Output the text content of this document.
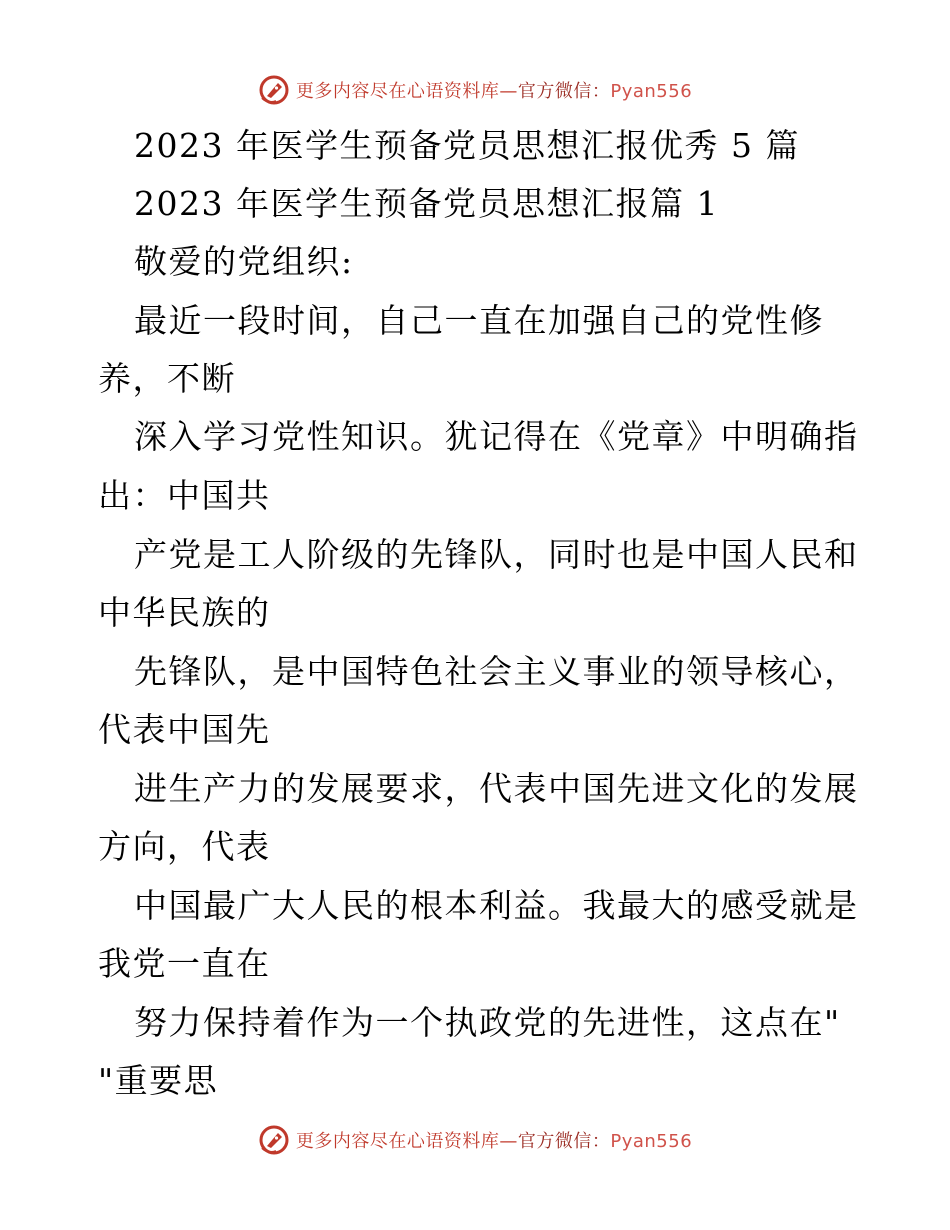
更多内容尽在心语资料库—官方微信：Pyan556
2023 年医学生预备党员思想汇报优秀 5 篇
2023 年医学生预备党员思想汇报篇 1
敬爱的党组织:
最近一段时间，自己一直在加强自己的党性修
养，不断
深入学习党性知识。犹记得在《党章》中明确指
出：中国共
产党是工人阶级的先锋队，同时也是中国人民和
中华民族的
先锋队，是中国特色社会主义事业的领导核心，
代表中国先
进生产力的发展要求，代表中国先进文化的发展
方向，代表
中国最广大人民的根本利益。我最大的感受就是
我党一直在
努力保持着作为一个执政党的先进性，这点在"
"重要思
更多内容尽在心语资料库—官方微信：Pyan556
